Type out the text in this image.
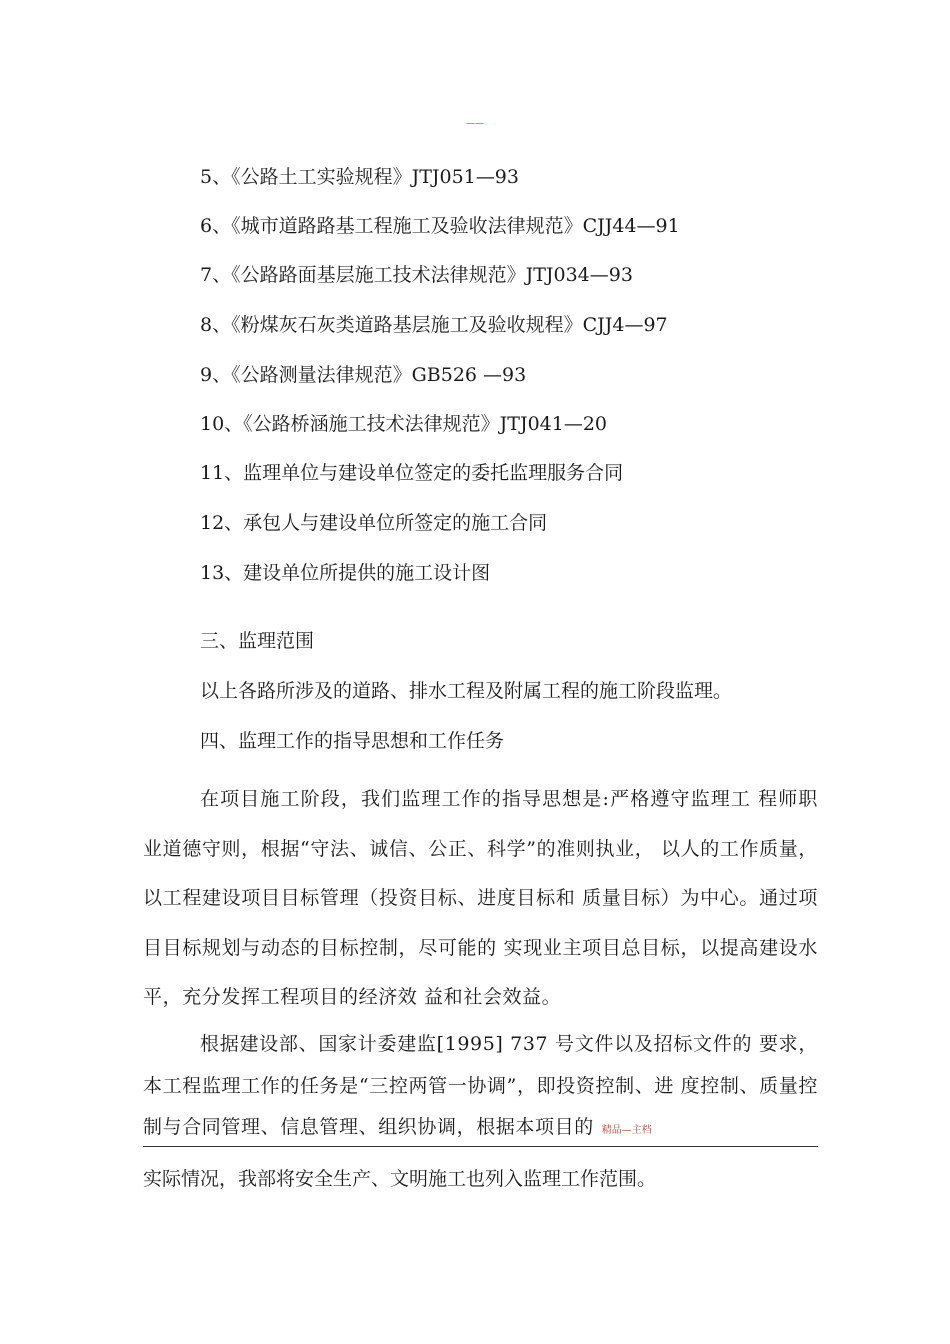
——
5、《公路土工实验规程》JTJ051—93
6、《城市道路路基工程施工及验收法律规范》CJJ44—91
7、《公路路面基层施工技术法律规范》JTJ034—93
8、《粉煤灰石灰类道路基层施工及验收规程》CJJ4—97
9、《公路测量法律规范》GB526 —93
10、《公路桥涵施工技术法律规范》JTJ041—20
11、监理单位与建设单位签定的委托监理服务合同
12、承包人与建设单位所签定的施工合同
13、建设单位所提供的施工设计图
三、监理范围
以上各路所涉及的道路、排水工程及附属工程的施工阶段监理。
四、监理工作的指导思想和工作任务

在项目施工阶段，我们监理工作的指导思想是:严格遵守监理工 程师职业道德守则，根据“守法、诚信、公正、科学”的准则执业， 以人的工作质量，以工程建设项目目标管理（投资目标、进度目标和 质量目标）为中心。通过项目目标规划与动态的目标控制，尽可能的 实现业主项目总目标，以提高建设水平，充分发挥工程项目的经济效 益和社会效益。

根据建设部、国家计委建监[1995] 737 号文件以及招标文件的 要求，本工程监理工作的任务是“三控两管一协调”，即投资控制、进 度控制、质量控制与合同管理、信息管理、组织协调，根据本项目的 精品—主档

实际情况，我部将安全生产、文明施工也列入监理工作范围。
